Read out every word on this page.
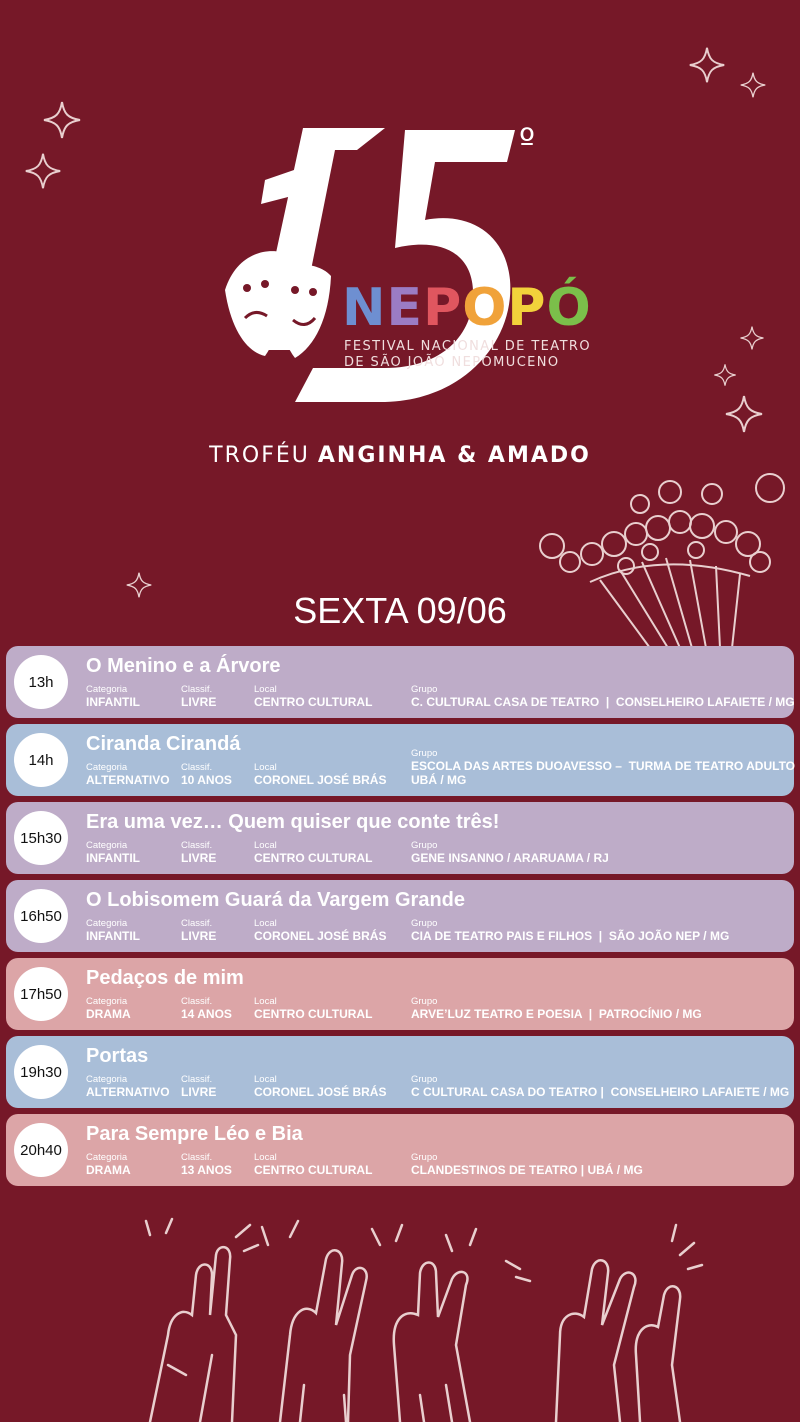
º
NEPOPÓ
FESTIVAL NACIONAL DE TEATRO
DE SÃO JOÃO NEPOMUCENO
TROFÉU ANGINHA & AMADO
SEXTA 09/06
13h
O Menino e a Árvore
Categoria
INFANTIL
Classif.
LIVRE
Local
CENTRO CULTURAL
Grupo
C. CULTURAL CASA DE TEATRO  |  CONSELHEIRO LAFAIETE / MG
14h
Ciranda Cirandá
Categoria
ALTERNATIVO
Classif.
10 ANOS
Local
CORONEL JOSÉ BRÁS
Grupo
ESCOLA DAS ARTES DUOAVESSO –  TURMA DE TEATRO ADULTO
UBÁ / MG
15h30
Era uma vez… Quem quiser que conte três!
Categoria
INFANTIL
Classif.
LIVRE
Local
CENTRO CULTURAL
Grupo
GENE INSANNO / ARARUAMA / RJ
16h50
O Lobisomem Guará da Vargem Grande
Categoria
INFANTIL
Classif.
LIVRE
Local
CORONEL JOSÉ BRÁS
Grupo
CIA DE TEATRO PAIS E FILHOS  |  SÃO JOÃO NEP / MG
17h50
Pedaços de mim
Categoria
DRAMA
Classif.
14 ANOS
Local
CENTRO CULTURAL
Grupo
ARVE’LUZ TEATRO E POESIA  |  PATROCÍNIO / MG
19h30
Portas
Categoria
ALTERNATIVO
Classif.
LIVRE
Local
CORONEL JOSÉ BRÁS
Grupo
C CULTURAL CASA DO TEATRO |  CONSELHEIRO LAFAIETE / MG
20h40
Para Sempre Léo e Bia
Categoria
DRAMA
Classif.
13 ANOS
Local
CENTRO CULTURAL
Grupo
CLANDESTINOS DE TEATRO | UBÁ / MG
